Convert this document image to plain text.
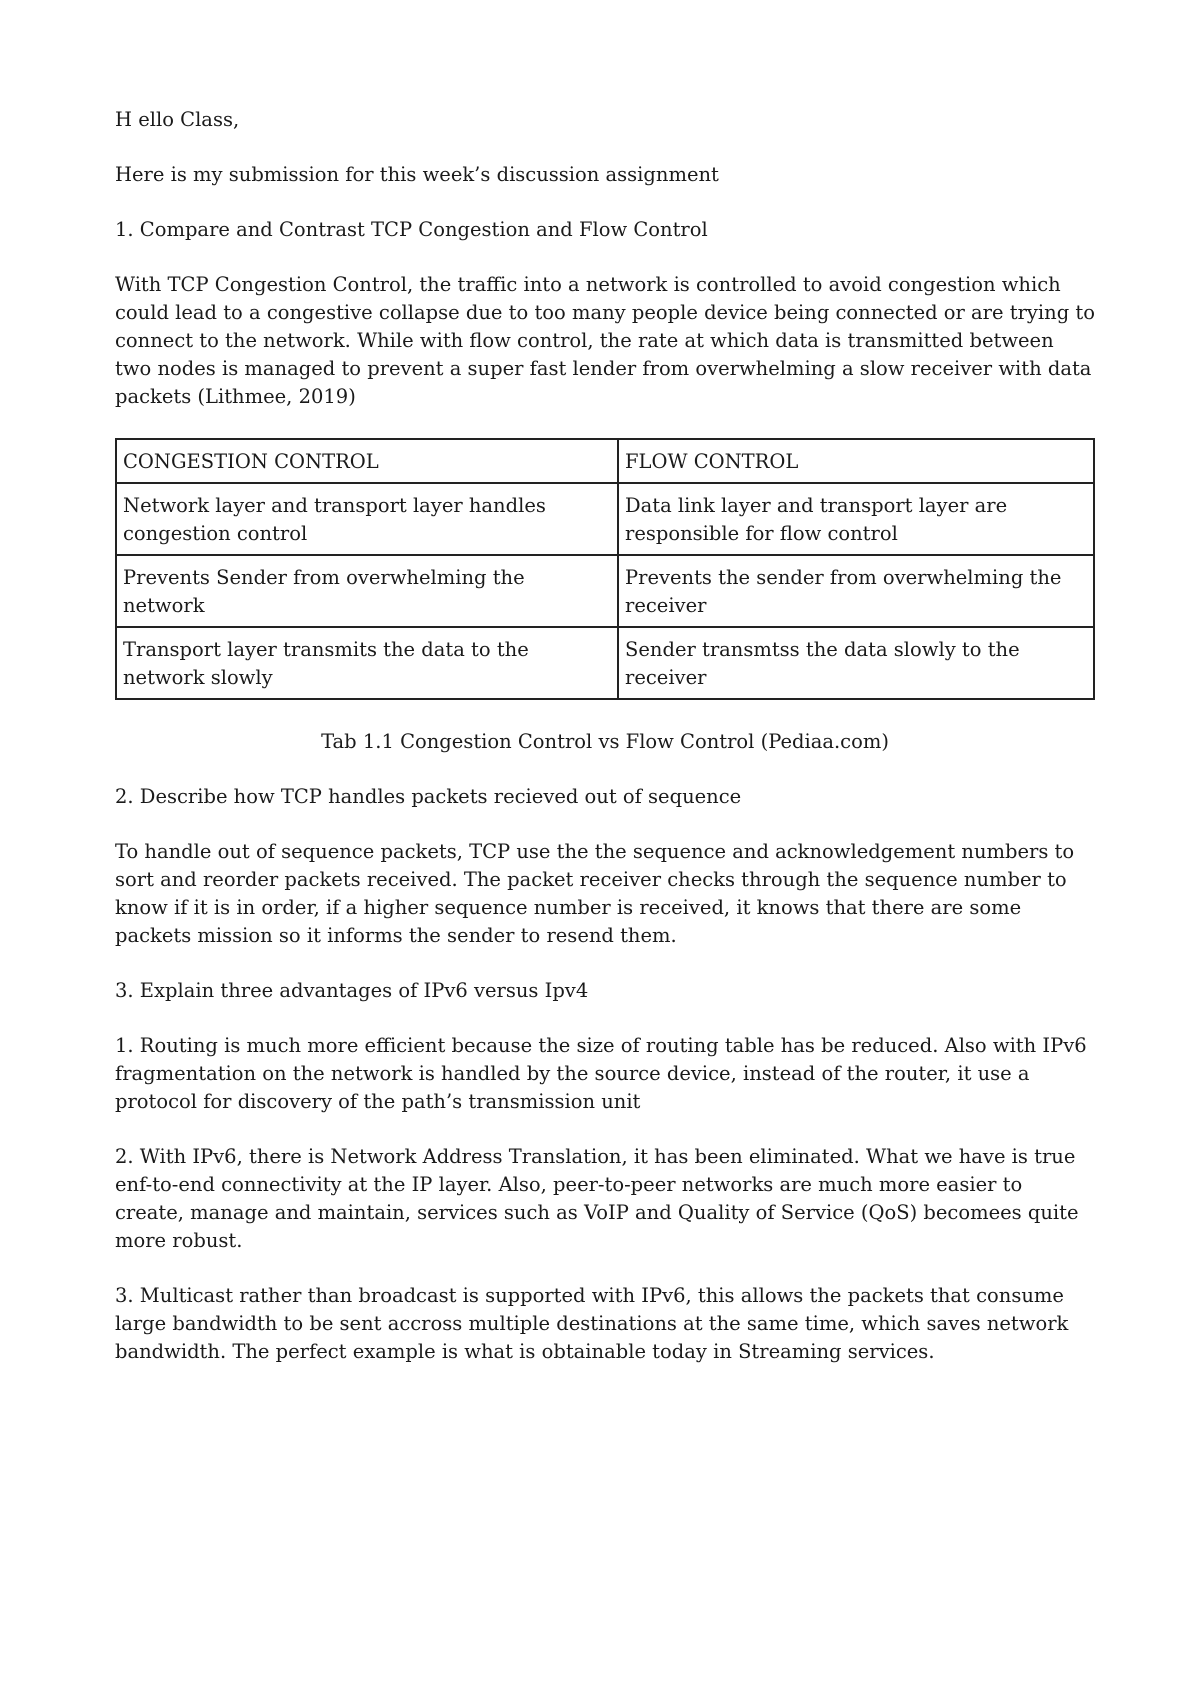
H ello Class,

Here is my submission for this week’s discussion assignment

1. Compare and Contrast TCP Congestion and Flow Control

With TCP Congestion Control, the traffic into a network is controlled to avoid congestion which could lead to a congestive collapse due to too many people device being connected or are trying to connect to the network. While with flow control, the rate at which data is transmitted between two nodes is managed to prevent a super fast lender from overwhelming a slow receiver with data packets (Lithmee, 2019)

CONGESTION CONTROL	FLOW CONTROL
Network layer and transport layer handles congestion control	Data link layer and transport layer are responsible for flow control
Prevents Sender from overwhelming the network	Prevents the sender from overwhelming the receiver
Transport layer transmits the data to the network slowly	Sender transmtss the data slowly to the receiver

Tab 1.1 Congestion Control vs Flow Control (Pediaa.com)

2. Describe how TCP handles packets recieved out of sequence

To handle out of sequence packets, TCP use the the sequence and acknowledgement numbers to sort and reorder packets received. The packet receiver checks through the sequence number to know if it is in order, if a higher sequence number is received, it knows that there are some packets mission so it informs the sender to resend them.

3. Explain three advantages of IPv6 versus Ipv4

1. Routing is much more efficient because the size of routing table has be reduced. Also with IPv6 fragmentation on the network is handled by the source device, instead of the router, it use a protocol for discovery of the path’s transmission unit

2. With IPv6, there is Network Address Translation, it has been eliminated. What we have is true enf-to-end connectivity at the IP layer. Also, peer-to-peer networks are much more easier to create, manage and maintain, services such as VoIP and Quality of Service (QoS) becomees quite more robust.

3. Multicast rather than broadcast is supported with IPv6, this allows the packets that consume large bandwidth to be sent accross multiple destinations at the same time, which saves network bandwidth. The perfect example is what is obtainable today in Streaming services.
